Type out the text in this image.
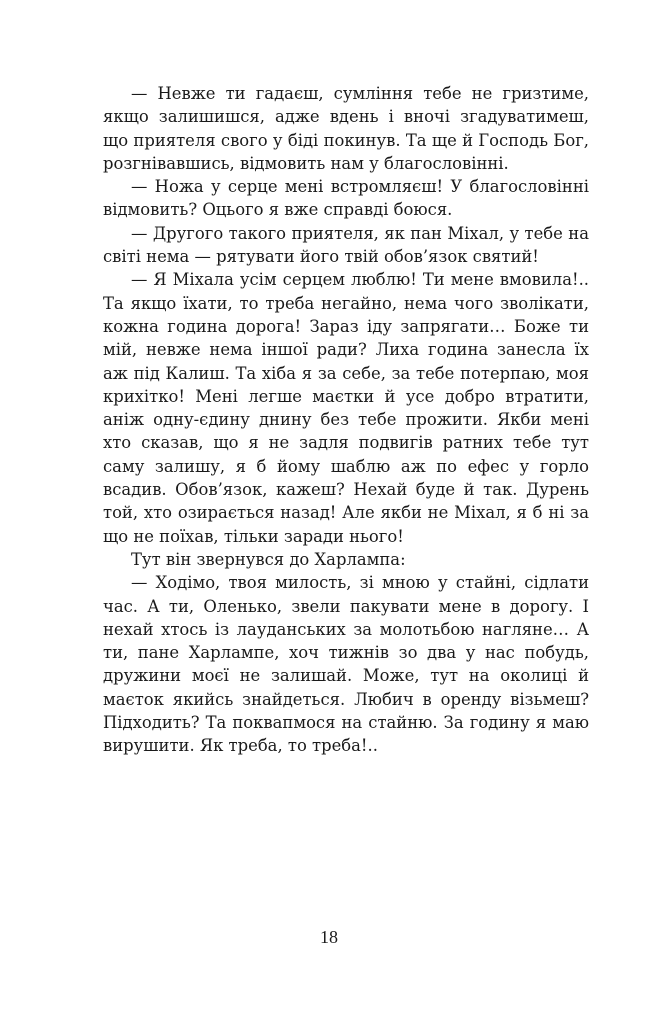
— Невже ти гадаєш, сумління тебе не гризтиме, якщо залишишся, адже вдень і вночі згадуватимеш, що приятеля свого у біді покинув. Та ще й Господь Бог, розгнівавшись, відмовить нам у благословінні.

— Ножа у серце мені встромляєш! У благословінні відмовить? Оцього я вже справді боюся.

— Другого такого приятеля, як пан Міхал, у тебе на світі нема — рятувати його твій обов’язок святий!

— Я Міхала усім серцем люблю! Ти мене вмовила!.. Та якщо їхати, то треба негайно, нема чого зволікати, кожна година дорога! Зараз іду запрягати… Боже ти мій, невже нема іншої ради? Лиха година занесла їх аж під Калиш. Та хіба я за себе, за тебе потерпаю, моя крихітко! Мені легше маєтки й усе добро втратити, аніж одну-єдину днину без тебе прожити. Якби мені хто сказав, що я не задля подвигів ратних тебе тут саму залишу, я б йому шаблю аж по ефес у горло всадив. Обов’язок, кажеш? Нехай буде й так. Дурень той, хто озирається назад! Але якби не Міхал, я б ні за що не поїхав, тільки заради нього!

Тут він звернувся до Харлампа:

— Ходімо, твоя милость, зі мною у стайні, сідлати час. А ти, Оленько, звели пакувати мене в дорогу. І нехай хтось із лауданських за молотьбою нагляне… А ти, пане Харлампе, хоч тижнів зо два у нас побудь, дружини моєї не залишай. Може, тут на околиці й маєток якийсь знайдеться. Любич в оренду візьмеш? Підходить? Та поквапмося на стайню. За годину я маю вирушити. Як треба, то треба!..

18
